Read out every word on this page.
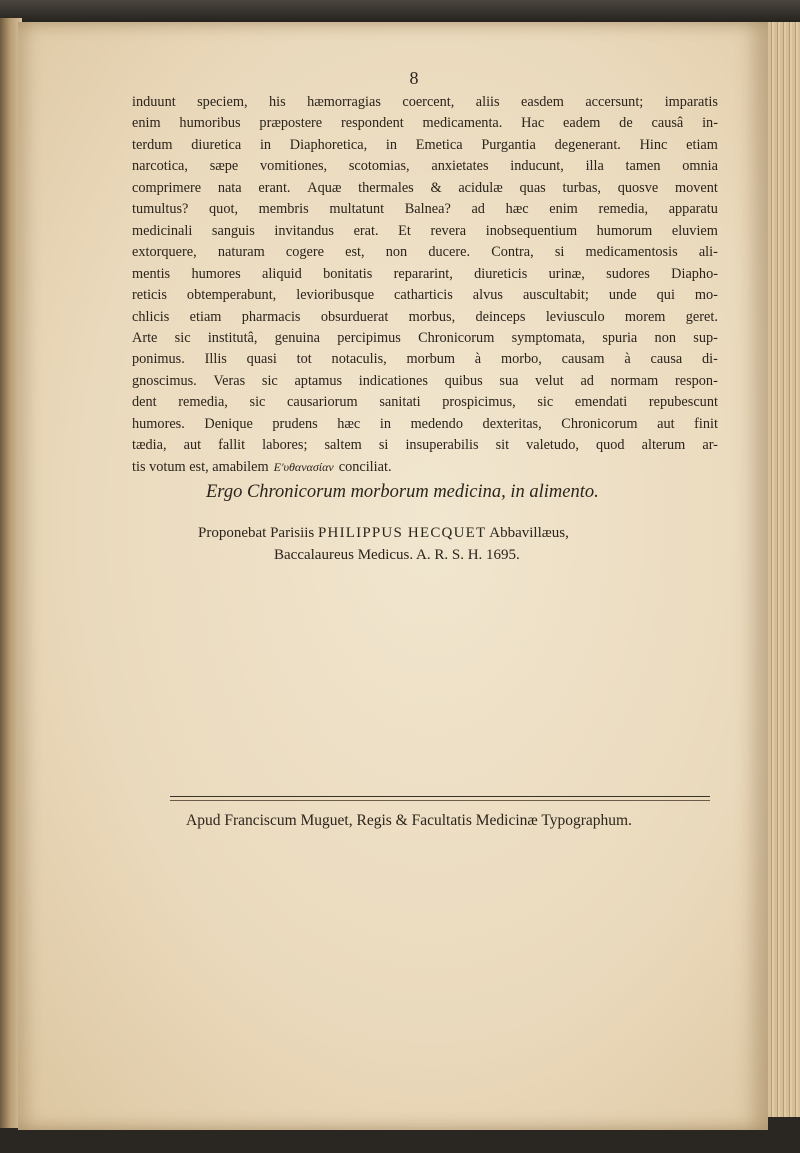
8
induunt speciem, his hæmorragias coercent, aliis easdem accersunt; imparatis
enim humoribus præpostere respondent medicamenta. Hac eadem de causâ in-
terdum diuretica in Diaphoretica, in Emetica Purgantia degenerant. Hinc etiam
narcotica, sæpe vomitiones, scotomias, anxietates inducunt, illa tamen omnia
comprimere nata erant. Aquæ thermales & acidulæ quas turbas, quosve movent
tumultus? quot, membris multatunt Balnea? ad hæc enim remedia, apparatu
medicinali sanguis invitandus erat. Et revera inobsequentium humorum eluviem
extorquere, naturam cogere est, non ducere. Contra, si medicamentosis ali-
mentis humores aliquid bonitatis repararint, diureticis urinæ, sudores Diapho-
reticis obtemperabunt, levioribusque catharticis alvus auscultabit; unde qui mo-
chlicis etiam pharmacis obsurduerat morbus, deinceps leviusculo morem geret.
Arte sic institutâ, genuina percipimus Chronicorum symptomata, spuria non sup-
ponimus. Illis quasi tot notaculis, morbum à morbo, causam à causa di-
gnoscimus. Veras sic aptamus indicationes quibus sua velut ad normam respon-
dent remedia, sic causariorum sanitati prospicimus, sic emendati repubescunt
humores. Denique prudens hæc in medendo dexteritas, Chronicorum aut finit
tædia, aut fallit labores; saltem si insuperabilis sit valetudo, quod alterum ar-
tis votum est, amabilem Ε'υθανασίαν conciliat.
Ergo Chronicorum morborum medicina, in alimento.
Proponebat Parisiis PHILIPPUS HECQUET Abbavillæus,
Baccalaureus Medicus. A. R. S. H. 1695.
Apud Franciscum Muguet, Regis & Facultatis Medicinæ Typographum.
